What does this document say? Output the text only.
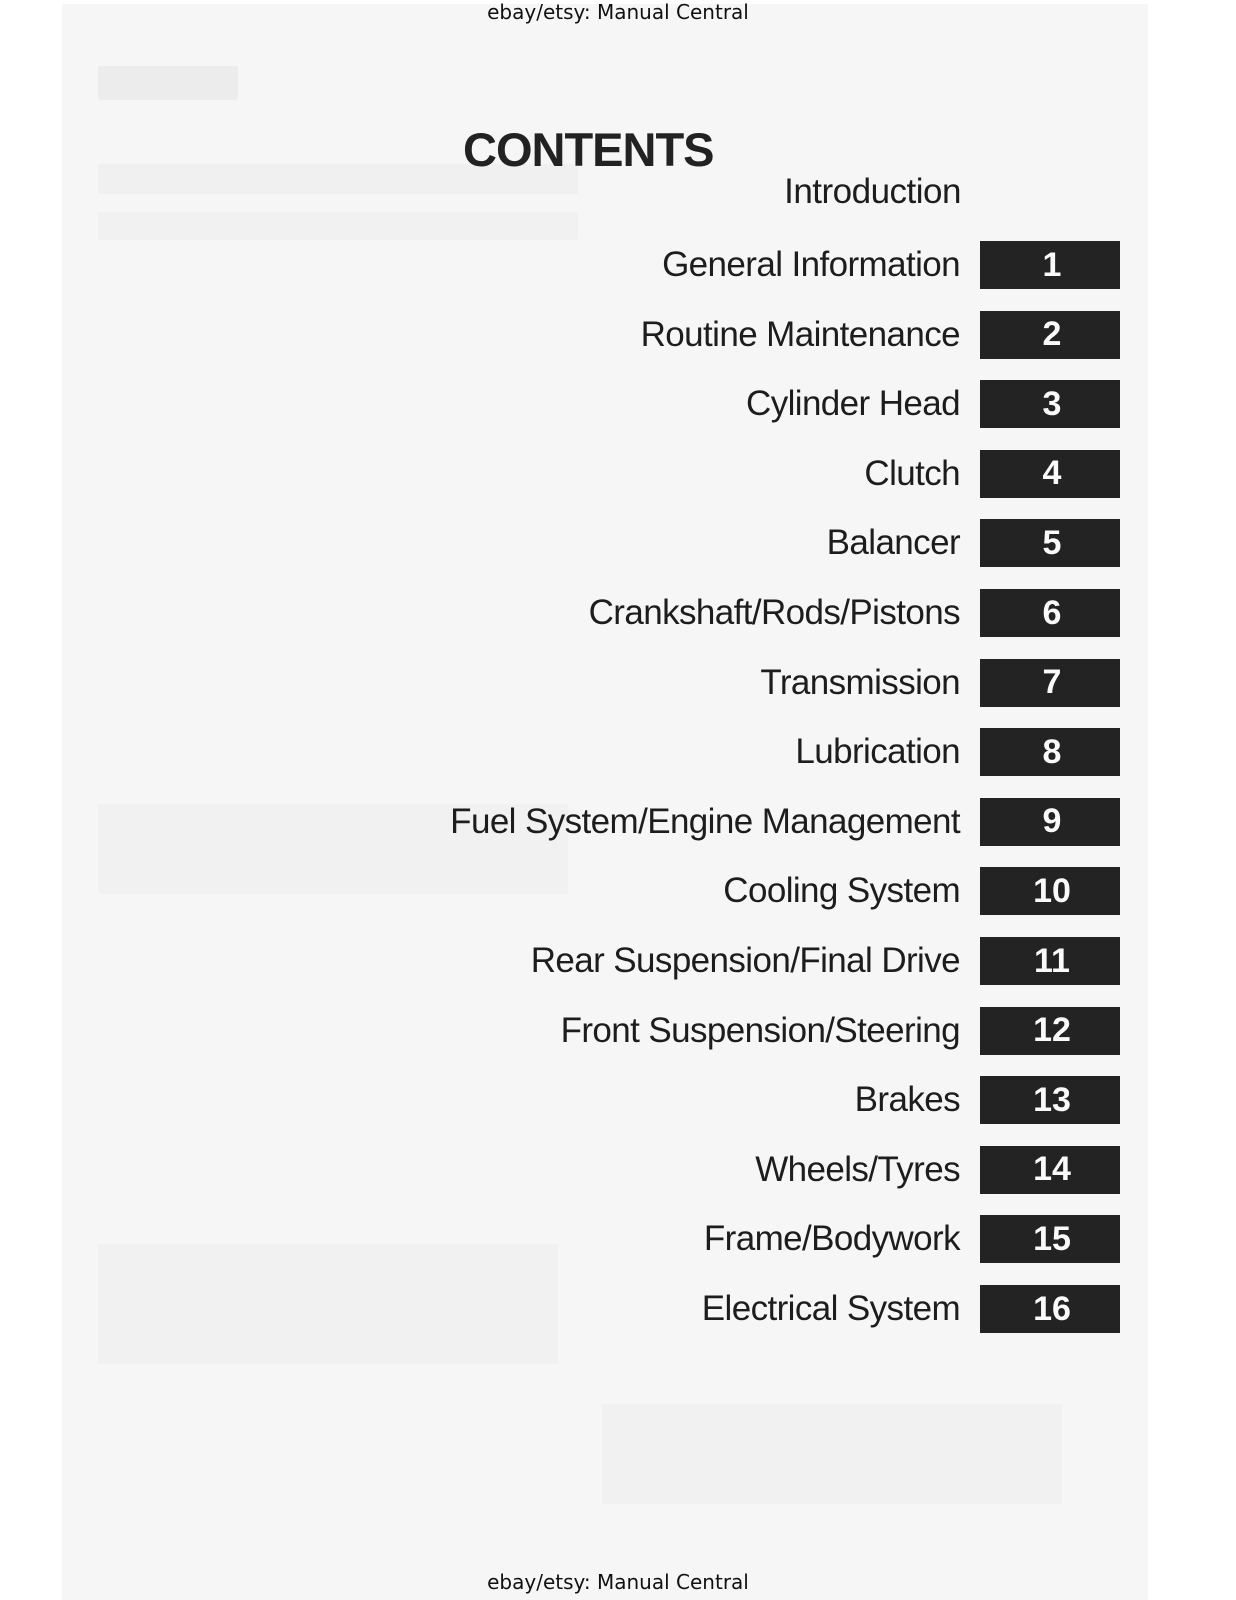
ebay/etsy: Manual Central
CONTENTS
Introduction
General Information	1
Routine Maintenance	2
Cylinder Head	3
Clutch	4
Balancer	5
Crankshaft/Rods/Pistons	6
Transmission	7
Lubrication	8
Fuel System/Engine Management	9
Cooling System	10
Rear Suspension/Final Drive	11
Front Suspension/Steering	12
Brakes	13
Wheels/Tyres	14
Frame/Bodywork	15
Electrical System	16
ebay/etsy: Manual Central
